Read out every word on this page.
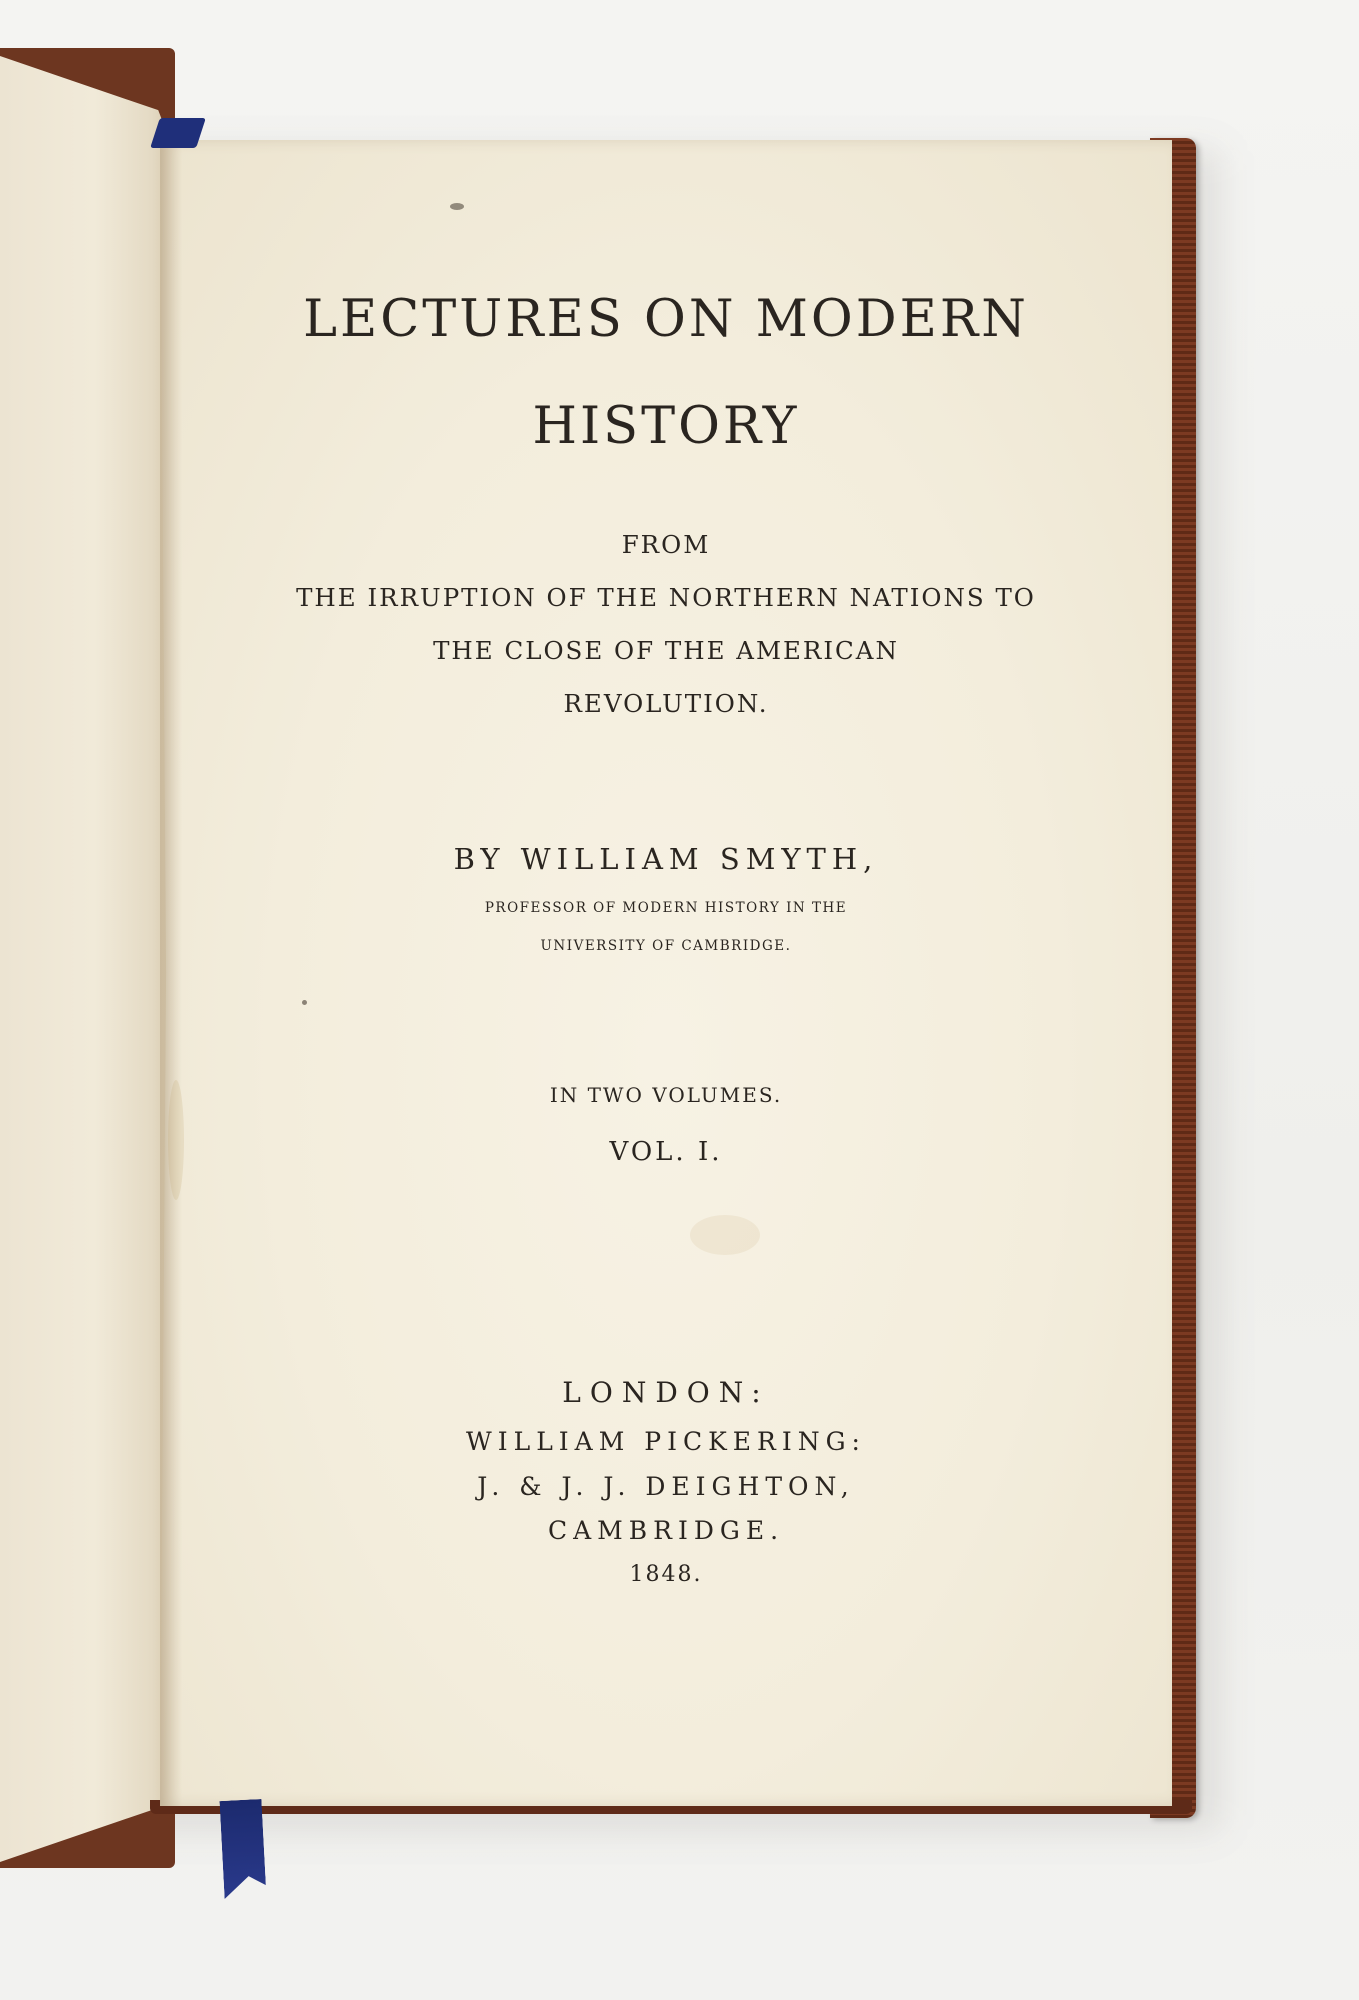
LECTURES ON MODERN

HISTORY

FROM

THE IRRUPTION OF THE NORTHERN NATIONS TO

THE CLOSE OF THE AMERICAN

REVOLUTION.

BY WILLIAM SMYTH,

PROFESSOR OF MODERN HISTORY IN THE

UNIVERSITY OF CAMBRIDGE.

IN TWO VOLUMES.

VOL. I.

LONDON:

WILLIAM PICKERING:

J. & J. J. DEIGHTON,

CAMBRIDGE.

1848.
